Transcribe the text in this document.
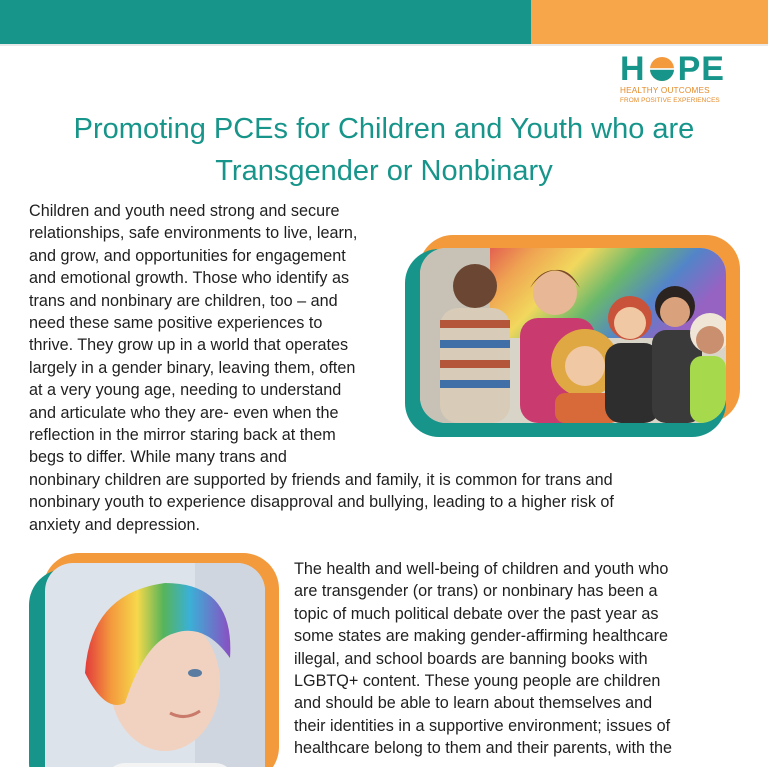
H P E
HEALTHY OUTCOMES
FROM POSITIVE EXPERIENCES
Promoting PCEs for Children and Youth who are
Transgender or Nonbinary

Children and youth need strong and secure
relationships, safe environments to live, learn,
and grow, and opportunities for engagement
and emotional growth. Those who identify as
trans and nonbinary are children, too – and
need these same positive experiences to
thrive. They grow up in a world that operates
largely in a gender binary, leaving them, often
at a very young age, needing to understand
and articulate who they are- even when the
reflection in the mirror staring back at them
begs to differ. While many trans and
nonbinary children are supported by friends and family, it is common for trans and
nonbinary youth to experience disapproval and bullying, leading to a higher risk of
anxiety and depression.

The health and well-being of children and youth who
are transgender (or trans) or nonbinary has been a
topic of much political debate over the past year as
some states are making gender-affirming healthcare
illegal, and school boards are banning books with
LGBTQ+ content. These young people are children
and should be able to learn about themselves and
their identities in a supportive environment; issues of
healthcare belong to them and their parents, with the
